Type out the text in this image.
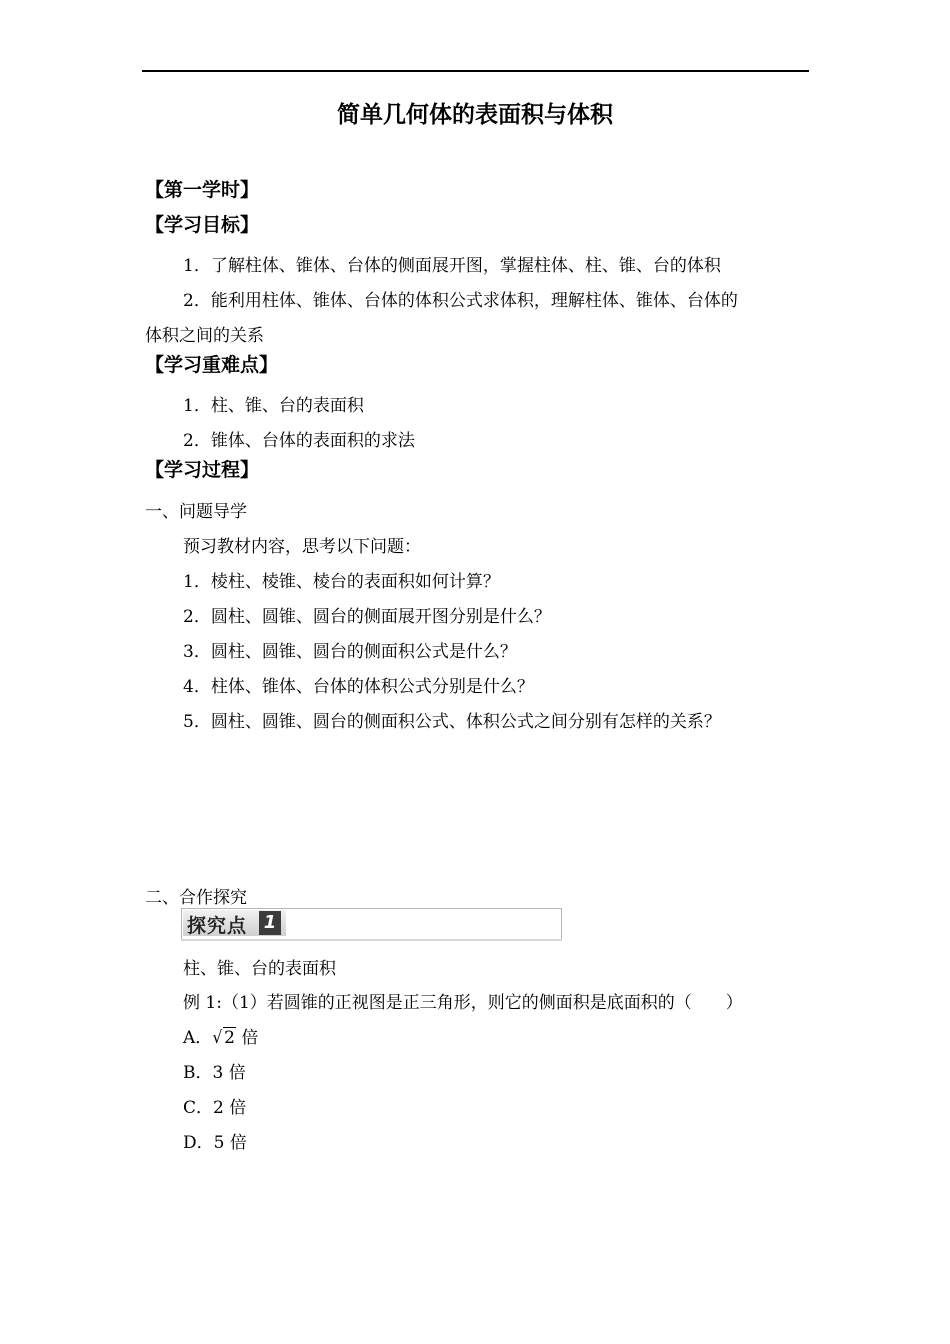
简单几何体的表面积与体积
【第一学时】
【学习目标】
1．了解柱体、锥体、台体的侧面展开图，掌握柱体、柱、锥、台的体积
2．能利用柱体、锥体、台体的体积公式求体积，理解柱体、锥体、台体的
体积之间的关系
【学习重难点】
1．柱、锥、台的表面积
2．锥体、台体的表面积的求法
【学习过程】
一、问题导学
预习教材内容，思考以下问题：
1．棱柱、棱锥、棱台的表面积如何计算？
2．圆柱、圆锥、圆台的侧面展开图分别是什么？
3．圆柱、圆锥、圆台的侧面积公式是什么？
4．柱体、锥体、台体的体积公式分别是什么？
5．圆柱、圆锥、圆台的侧面积公式、体积公式之间分别有怎样的关系？
二、合作探究
探究点 1
柱、锥、台的表面积
例 1:（1）若圆锥的正视图是正三角形，则它的侧面积是底面积的（　　）
A．√2 倍
B．3 倍
C．2 倍
D．5 倍
